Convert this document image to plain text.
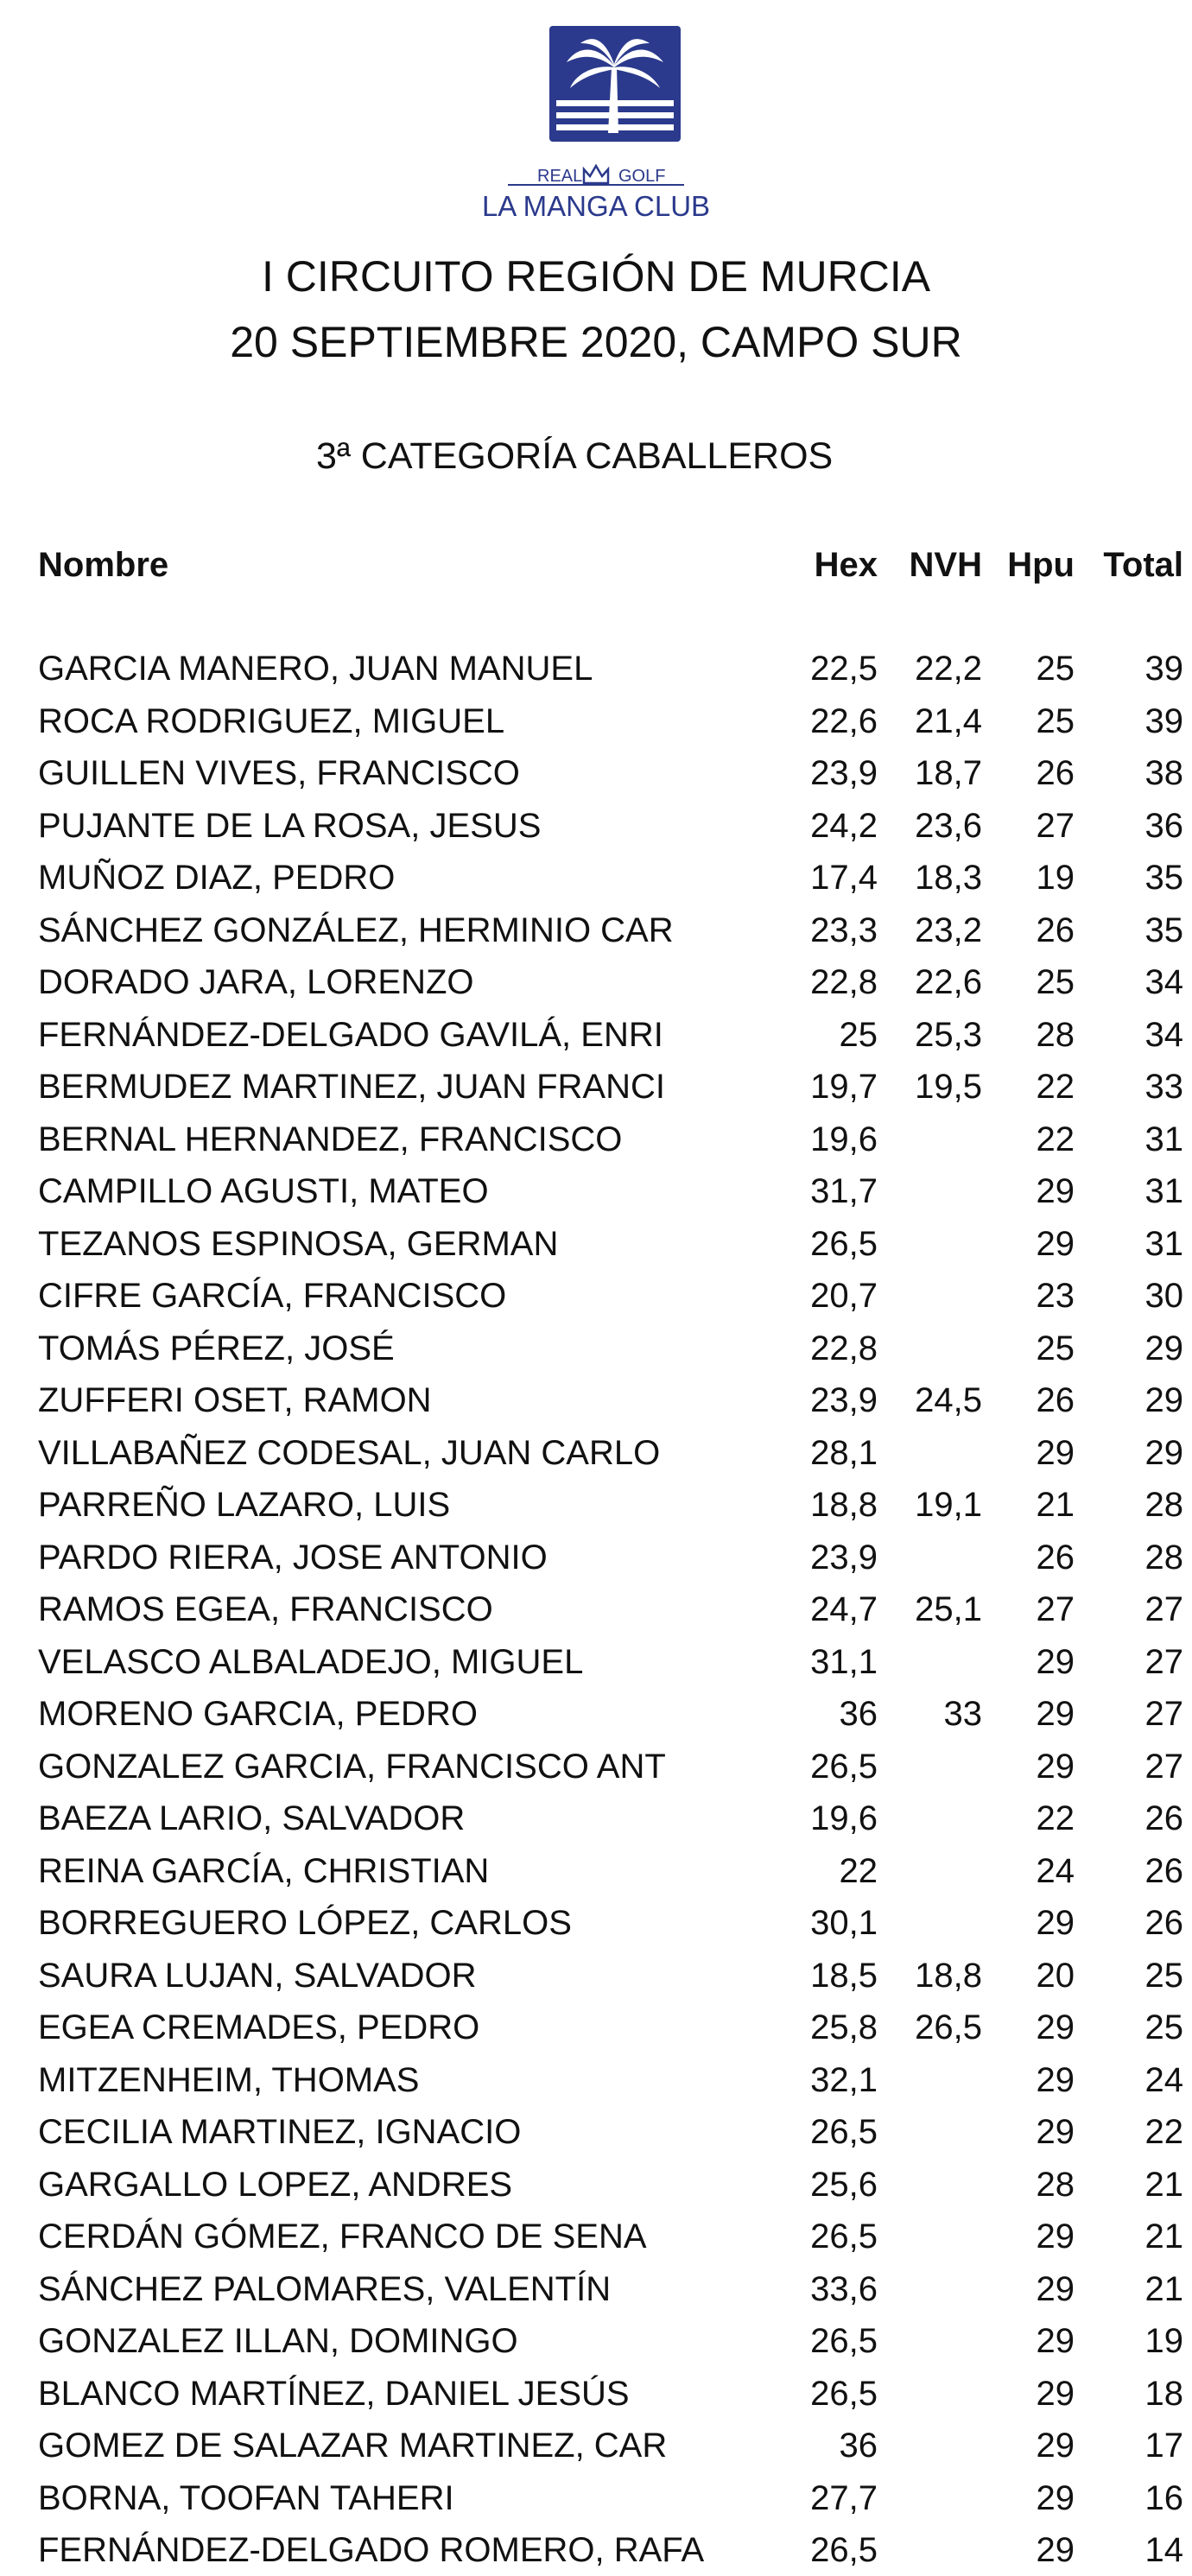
REAL GOLF
LA MANGA CLUB
I CIRCUITO REGIÓN DE MURCIA
20 SEPTIEMBRE 2020, CAMPO SUR
3ª CATEGORÍA CABALLEROS
Nombre	Hex NVH Hpu Total
GARCIA MANERO, JUAN MANUEL	22,5 22,2 25 39
ROCA RODRIGUEZ, MIGUEL	22,6 21,4 25 39
GUILLEN VIVES, FRANCISCO	23,9 18,7 26 38
PUJANTE DE LA ROSA, JESUS	24,2 23,6 27 36
MUÑOZ DIAZ, PEDRO	17,4 18,3 19 35
SÁNCHEZ GONZÁLEZ, HERMINIO CAR	23,3 23,2 26 35
DORADO JARA, LORENZO	22,8 22,6 25 34
FERNÁNDEZ-DELGADO GAVILÁ, ENRI	25 25,3 28 34
BERMUDEZ MARTINEZ, JUAN FRANCI	19,7 19,5 22 33
BERNAL HERNANDEZ, FRANCISCO	19,6	22 31
CAMPILLO AGUSTI, MATEO	31,7	29 31
TEZANOS ESPINOSA, GERMAN	26,5	29 31
CIFRE GARCÍA, FRANCISCO	20,7	23 30
TOMÁS PÉREZ, JOSÉ	22,8	25 29
ZUFFERI OSET, RAMON	23,9 24,5 26 29
VILLABAÑEZ CODESAL, JUAN CARLO	28,1	29 29
PARREÑO LAZARO, LUIS	18,8 19,1 21 28
PARDO RIERA, JOSE ANTONIO	23,9	26 28
RAMOS EGEA, FRANCISCO	24,7 25,1 27 27
VELASCO ALBALADEJO, MIGUEL	31,1	29 27
MORENO GARCIA, PEDRO	36 33 29 27
GONZALEZ GARCIA, FRANCISCO ANT	26,5	29 27
BAEZA LARIO, SALVADOR	19,6	22 26
REINA GARCÍA, CHRISTIAN	22	24 26
BORREGUERO LÓPEZ, CARLOS	30,1	29 26
SAURA LUJAN, SALVADOR	18,5 18,8 20 25
EGEA CREMADES, PEDRO	25,8 26,5 29 25
MITZENHEIM, THOMAS	32,1	29 24
CECILIA MARTINEZ, IGNACIO	26,5	29 22
GARGALLO LOPEZ, ANDRES	25,6	28 21
CERDÁN GÓMEZ, FRANCO DE SENA	26,5	29 21
SÁNCHEZ PALOMARES, VALENTÍN	33,6	29 21
GONZALEZ ILLAN, DOMINGO	26,5	29 19
BLANCO MARTÍNEZ, DANIEL JESÚS	26,5	29 18
GOMEZ DE SALAZAR MARTINEZ, CAR	36	29 17
BORNA, TOOFAN TAHERI	27,7	29 16
FERNÁNDEZ-DELGADO ROMERO, RAFA	26,5	29 14
